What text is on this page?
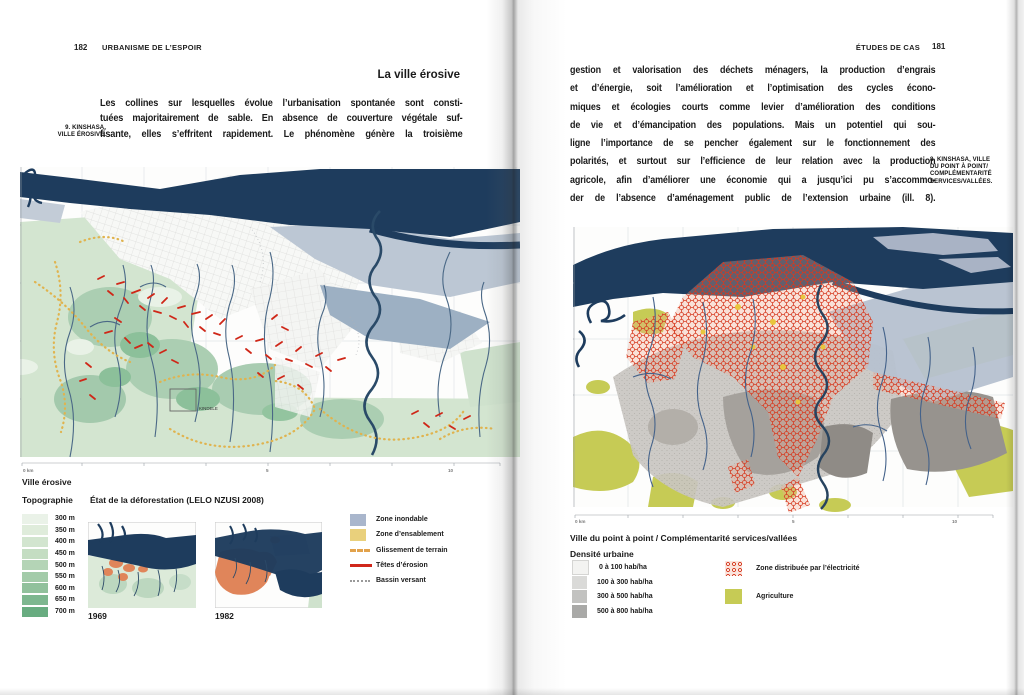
182 URBANISME DE L’ESPOIR
La ville érosive
Les collines sur lesquelles évolue l’urbanisation spontanée sont consti-
tuées majoritairement de sable. En absence de couverture végétale suf-
fisante, elles s’effritent rapidement. Le phénomène génère la troisième
9. KINSHASA,
VILLE ÉROSIVE.
KINDELE
0 km	5	10
Ville érosive
Topographie
300 m
350 m
400 m
450 m
500 m
550 m
600 m
650 m
700 m
État de la déforestation (LELO NZUSI 2008)
1969	1982
Zone inondable
Zone d’ensablement
Glissement de terrain
Têtes d’érosion
Bassin versant
ÉTUDES DE CAS 181
gestion et valorisation des déchets ménagers, la production d’engrais
et d’énergie, soit l’amélioration et l’optimisation des cycles écono-
miques et écologies courts comme levier d’amélioration des conditions
de vie et d’émancipation des populations. Mais un potentiel qui sou-
ligne l’importance de se pencher également sur le fonctionnement des
polarités, et surtout sur l’efficience de leur relation avec la production
agricole, afin d’améliorer une économie qui a jusqu’ici pu s’accommo-
der de l’absence d’aménagement public de l’extension urbaine (ill. 8).
8. KINSHASA, VILLE
DU POINT À POINT/
COMPLÉMENTARITÉ
SERVICES/VALLÉES.
0 km	5	10
Ville du point à point / Complémentarité services/vallées
Densité urbaine
0 à 100 hab/ha
100 à 300 hab/ha
300 à 500 hab/ha
500 à 800 hab/ha
Zone distribuée par l’électricité
Agriculture
